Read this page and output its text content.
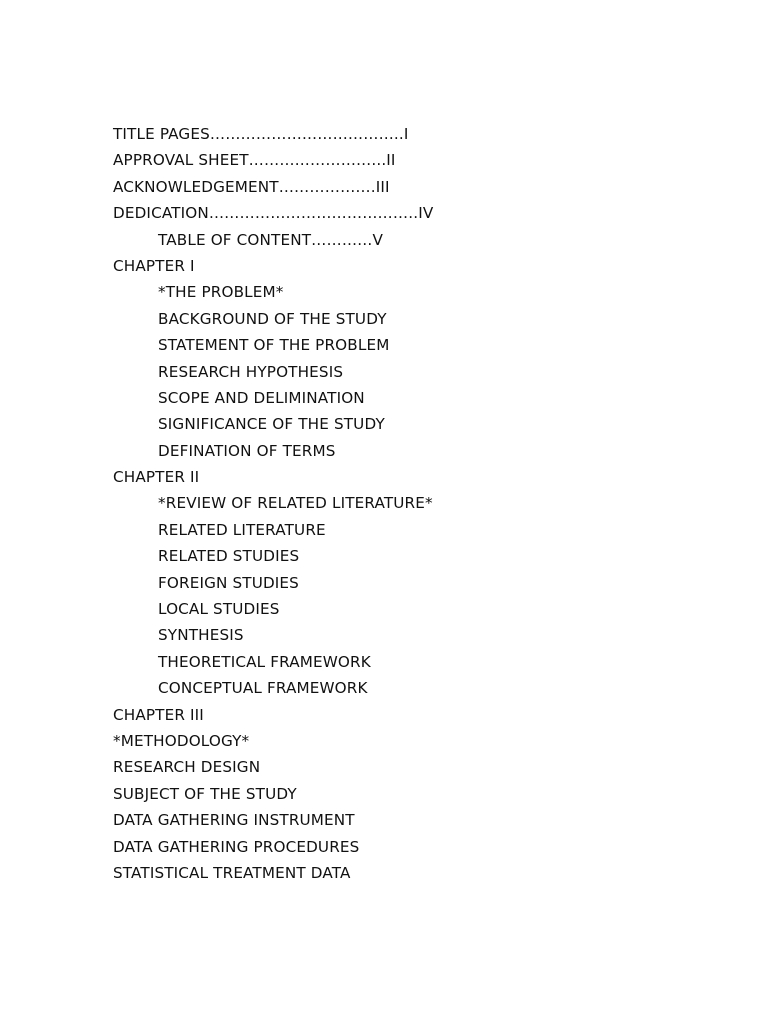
TITLE PAGES………………………………..I
APPROVAL SHEET……………………...II
ACKNOWLEDGEMENT……………….III
DEDICATION…………………………………..IV
TABLE OF CONTENT…………V
CHAPTER I
*THE PROBLEM*
BACKGROUND OF THE STUDY
STATEMENT OF THE PROBLEM
RESEARCH HYPOTHESIS
SCOPE AND DELIMINATION
SIGNIFICANCE OF THE STUDY
DEFINATION OF TERMS
CHAPTER II
*REVIEW OF RELATED LITERATURE*
RELATED LITERATURE
RELATED STUDIES
FOREIGN STUDIES
LOCAL STUDIES
SYNTHESIS
THEORETICAL FRAMEWORK
CONCEPTUAL FRAMEWORK
CHAPTER III
*METHODOLOGY*
RESEARCH DESIGN
SUBJECT OF THE STUDY
DATA GATHERING INSTRUMENT
DATA GATHERING PROCEDURES
STATISTICAL TREATMENT DATA
